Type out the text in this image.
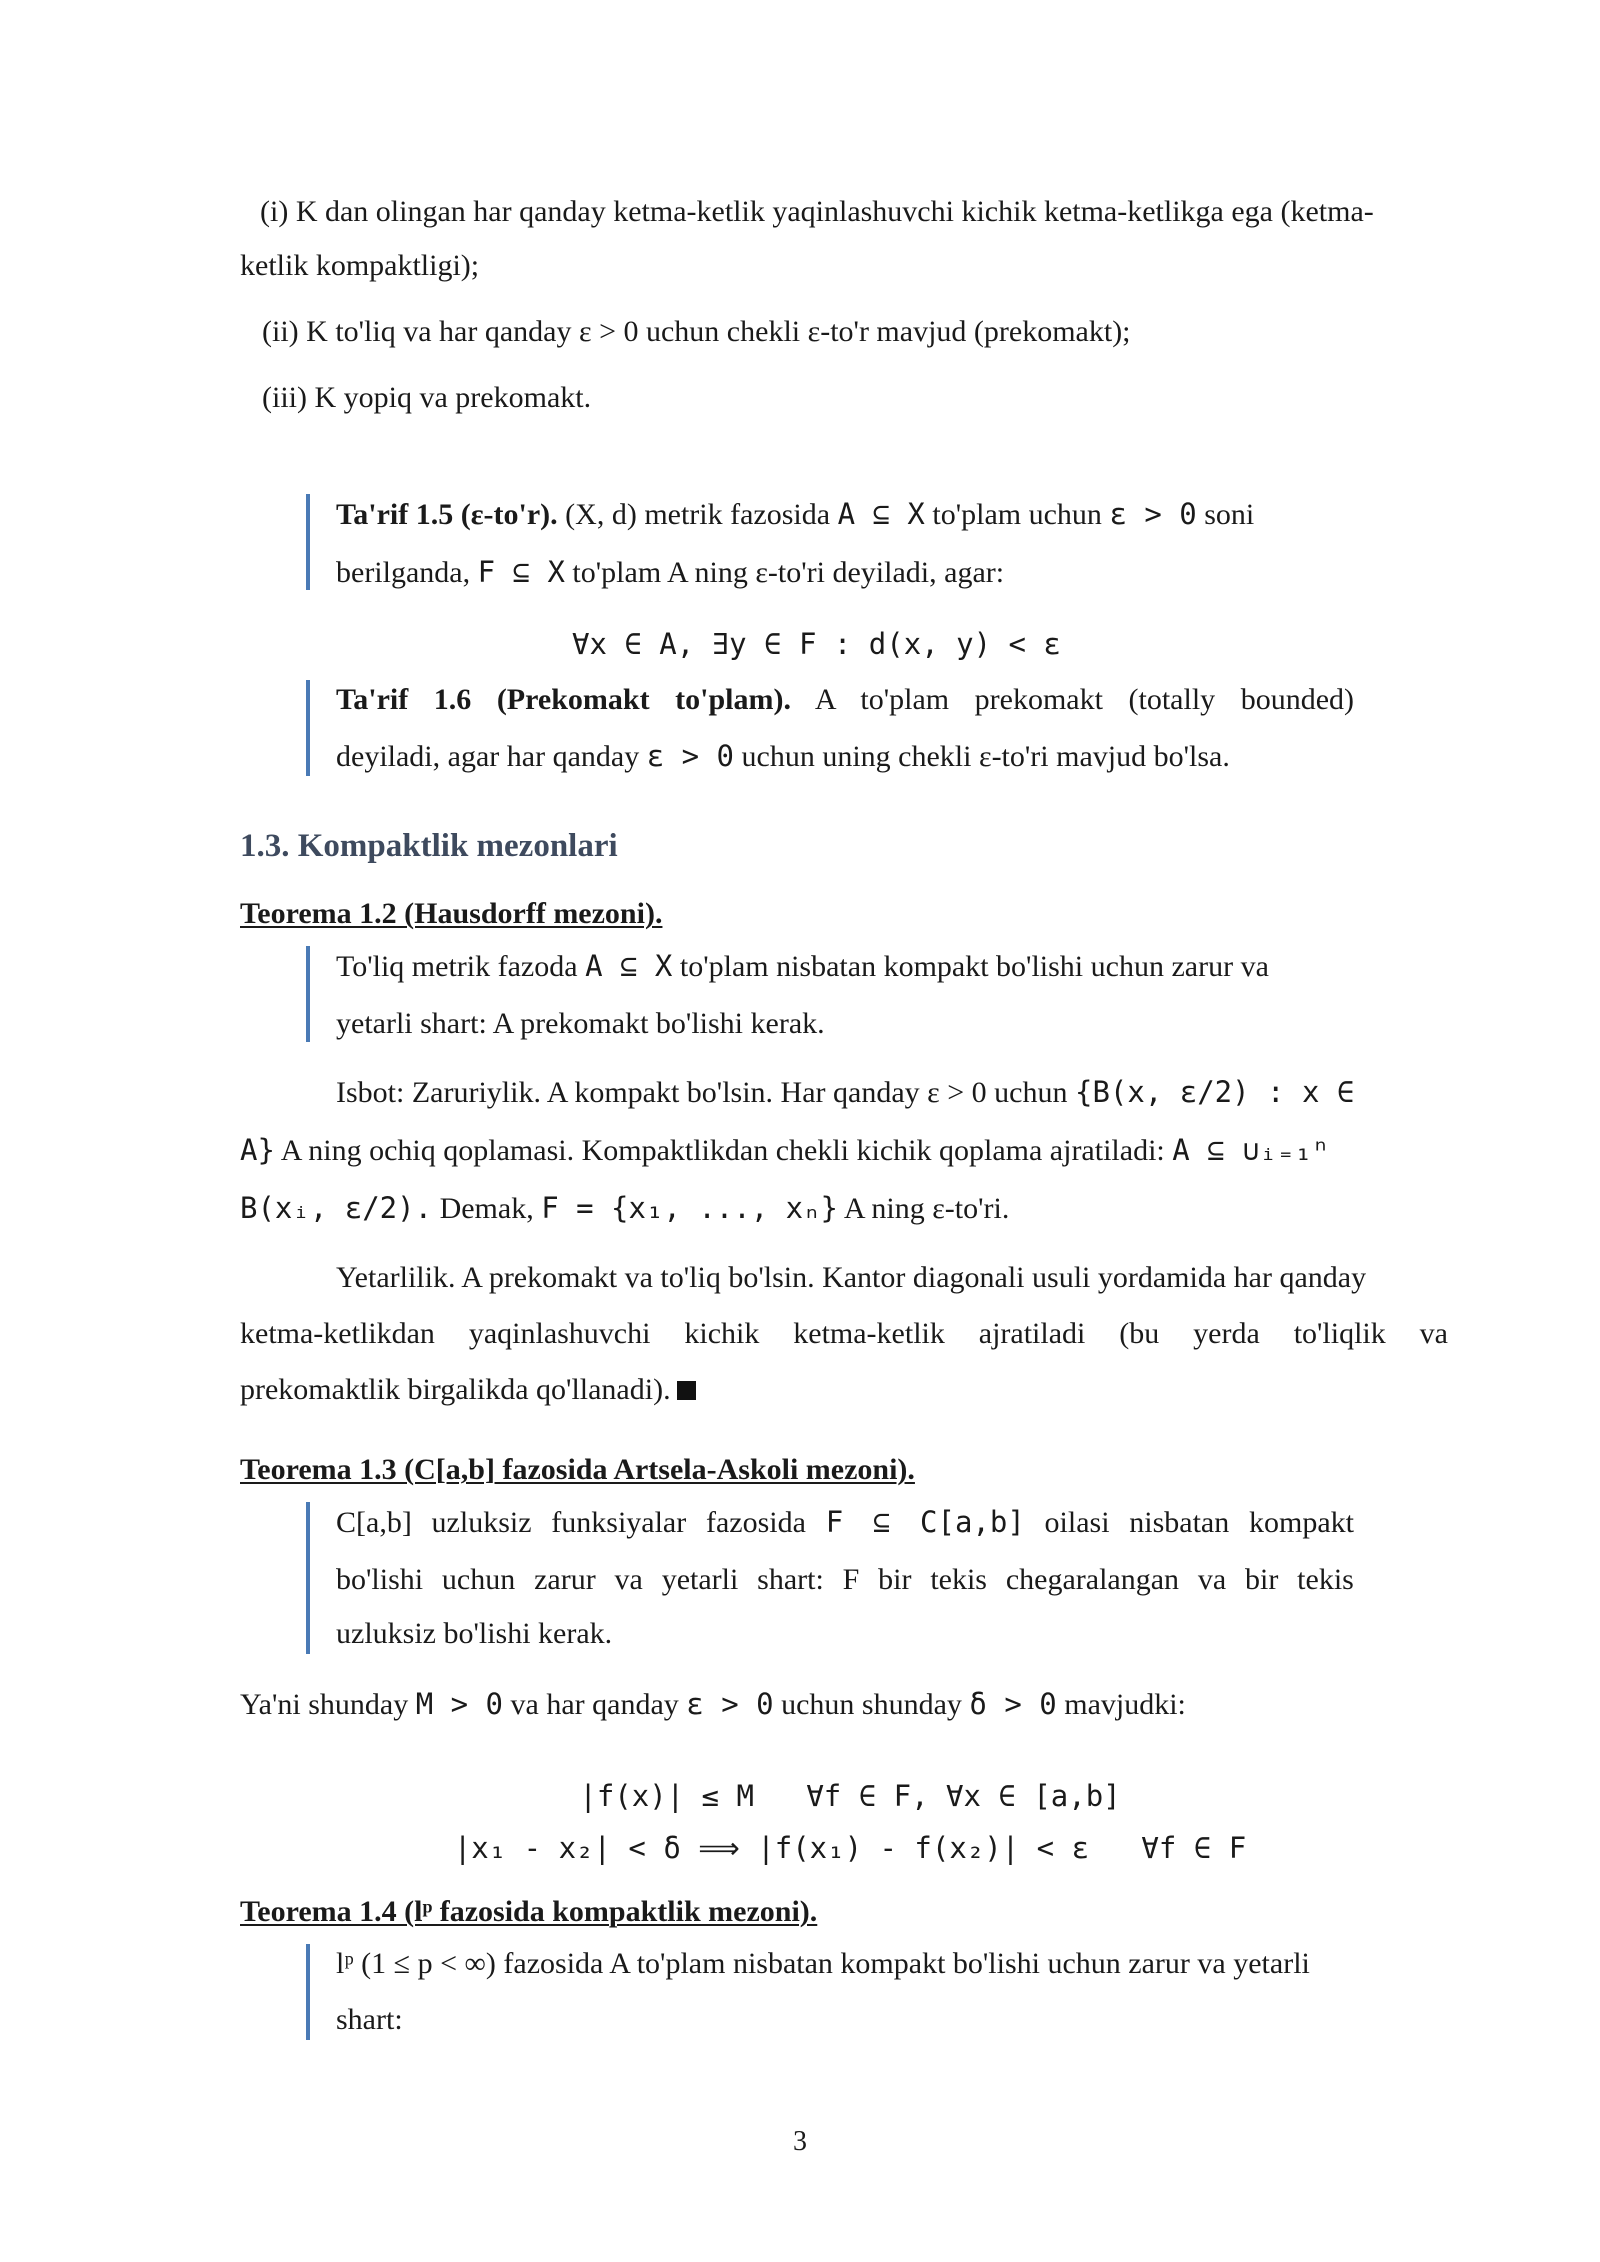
(i) K dan olingan har qanday ketma-ketlik yaqinlashuvchi kichik ketma-ketlikga ega (ketma-
ketlik kompaktligi);
(ii) K to'liq va har qanday ε > 0 uchun chekli ε-to'r mavjud (prekomakt);
(iii) K yopiq va prekomakt.
Ta'rif 1.5 (ε-to'r). (X, d) metrik fazosida A ⊆ X to'plam uchun ε > 0 soni
berilganda, F ⊆ X to'plam A ning ε-to'ri deyiladi, agar:
∀x ∈ A, ∃y ∈ F : d(x, y) < ε
Ta'rif 1.6 (Prekomakt to'plam). A to'plam prekomakt (totally bounded)
deyiladi, agar har qanday ε > 0 uchun uning chekli ε-to'ri mavjud bo'lsa.
1.3. Kompaktlik mezonlari
Teorema 1.2 (Hausdorff mezoni).
To'liq metrik fazoda A ⊆ X to'plam nisbatan kompakt bo'lishi uchun zarur va
yetarli shart: A prekomakt bo'lishi kerak.
Isbot: Zaruriylik. A kompakt bo'lsin. Har qanday ε > 0 uchun {B(x, ε/2) : x ∈
A} A ning ochiq qoplamasi. Kompaktlikdan chekli kichik qoplama ajratiladi: A ⊆ ∪ᵢ₌₁ⁿ
B(xᵢ, ε/2). Demak, F = {x₁, ..., xₙ} A ning ε-to'ri.
Yetarlilik. A prekomakt va to'liq bo'lsin. Kantor diagonali usuli yordamida har qanday
ketma-ketlikdan yaqinlashuvchi kichik ketma-ketlik ajratiladi (bu yerda to'liqlik va
prekomaktlik birgalikda qo'llanadi).
Teorema 1.3 (C[a,b] fazosida Artsela-Askoli mezoni).
C[a,b] uzluksiz funksiyalar fazosida F ⊆ C[a,b] oilasi nisbatan kompakt
bo'lishi uchun zarur va yetarli shart: F bir tekis chegaralangan va bir tekis
uzluksiz bo'lishi kerak.
Ya'ni shunday M > 0 va har qanday ε > 0 uchun shunday δ > 0 mavjudki:
|f(x)| ≤ M   ∀f ∈ F, ∀x ∈ [a,b]
|x₁ - x₂| < δ ⟹ |f(x₁) - f(x₂)| < ε   ∀f ∈ F
Teorema 1.4 (lᵖ fazosida kompaktlik mezoni).
lᵖ (1 ≤ p < ∞) fazosida A to'plam nisbatan kompakt bo'lishi uchun zarur va yetarli
shart:
3
